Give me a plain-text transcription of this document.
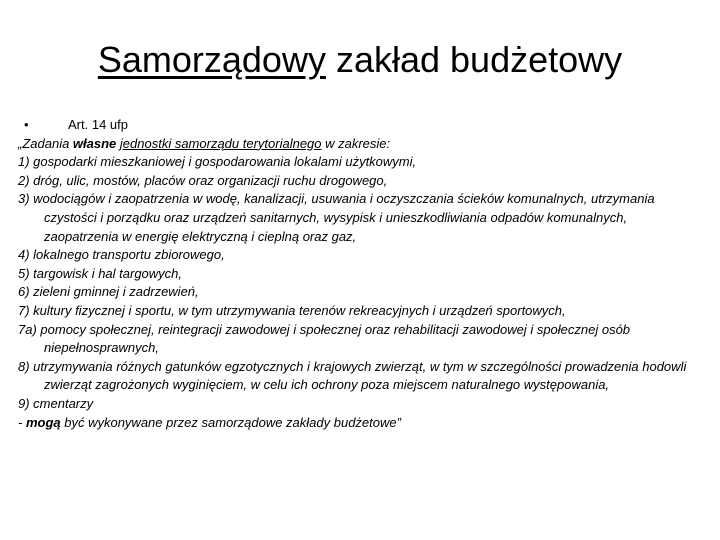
Samorządowy zakład budżetowy
•	Art. 14 ufp
„Zadania własne jednostki samorządu terytorialnego w zakresie:
1) gospodarki mieszkaniowej i gospodarowania lokalami użytkowymi,
2) dróg, ulic, mostów, placów oraz organizacji ruchu drogowego,
3) wodociągów i zaopatrzenia w wodę, kanalizacji, usuwania i oczyszczania ścieków komunalnych, utrzymania czystości i porządku oraz urządzeń sanitarnych, wysypisk i unieszkodliwiania odpadów komunalnych, zaopatrzenia w energię elektryczną i cieplną oraz gaz,
4) lokalnego transportu zbiorowego,
5) targowisk i hal targowych,
6) zieleni gminnej i zadrzewień,
7) kultury fizycznej i sportu, w tym utrzymywania terenów rekreacyjnych i urządzeń sportowych,
7a) pomocy społecznej, reintegracji zawodowej i społecznej oraz rehabilitacji zawodowej i społecznej osób niepełnosprawnych,
8) utrzymywania różnych gatunków egzotycznych i krajowych zwierząt, w tym w szczególności prowadzenia hodowli zwierząt zagrożonych wyginięciem, w celu ich ochrony poza miejscem naturalnego występowania,
9) cmentarzy
- mogą być wykonywane przez samorządowe zakłady budżetowe”
